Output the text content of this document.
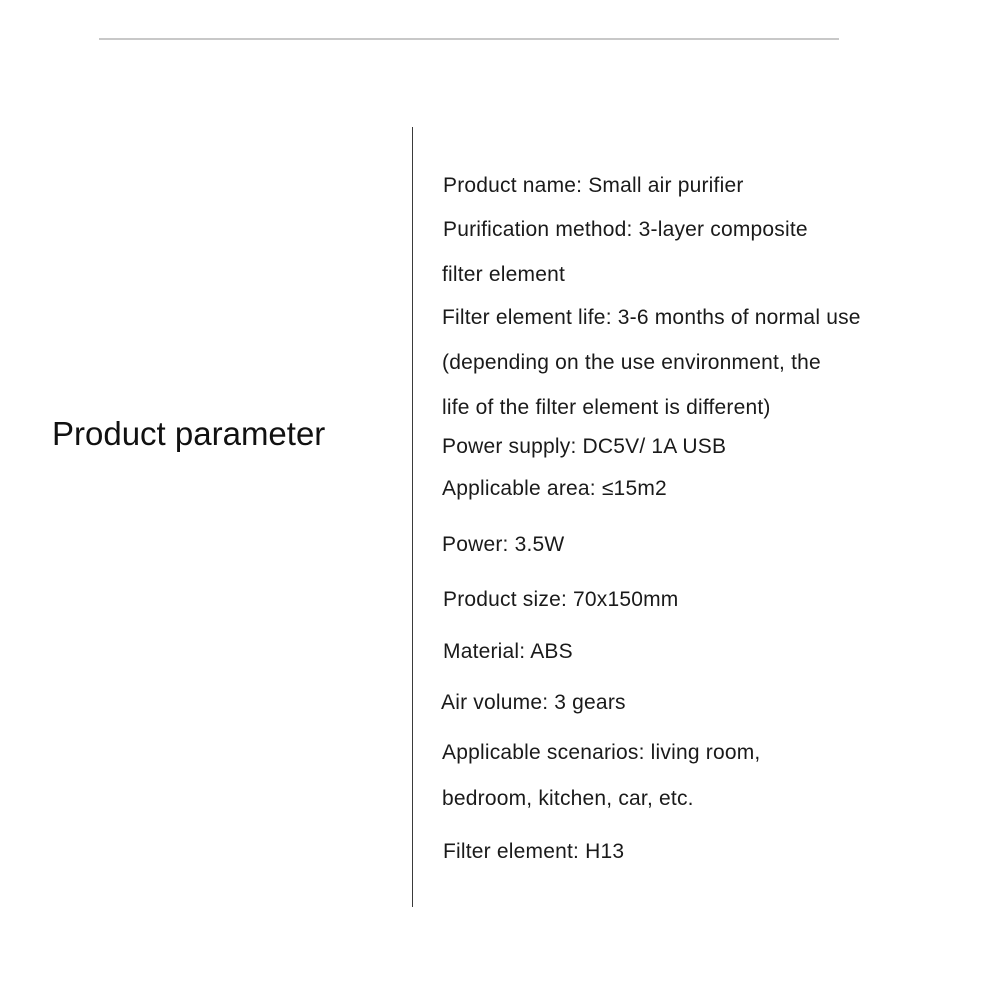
Product parameter
Product name: Small air purifier
Purification method: 3-layer composite
filter element
Filter element life: 3-6 months of normal use
(depending on the use environment, the
life of the filter element is different)
Power supply: DC5V/ 1A USB
Applicable area: ≤15m2
Power: 3.5W
Product size: 70x150mm
Material: ABS
Air volume: 3 gears
Applicable scenarios: living room,
bedroom, kitchen, car, etc.
Filter element: H13
